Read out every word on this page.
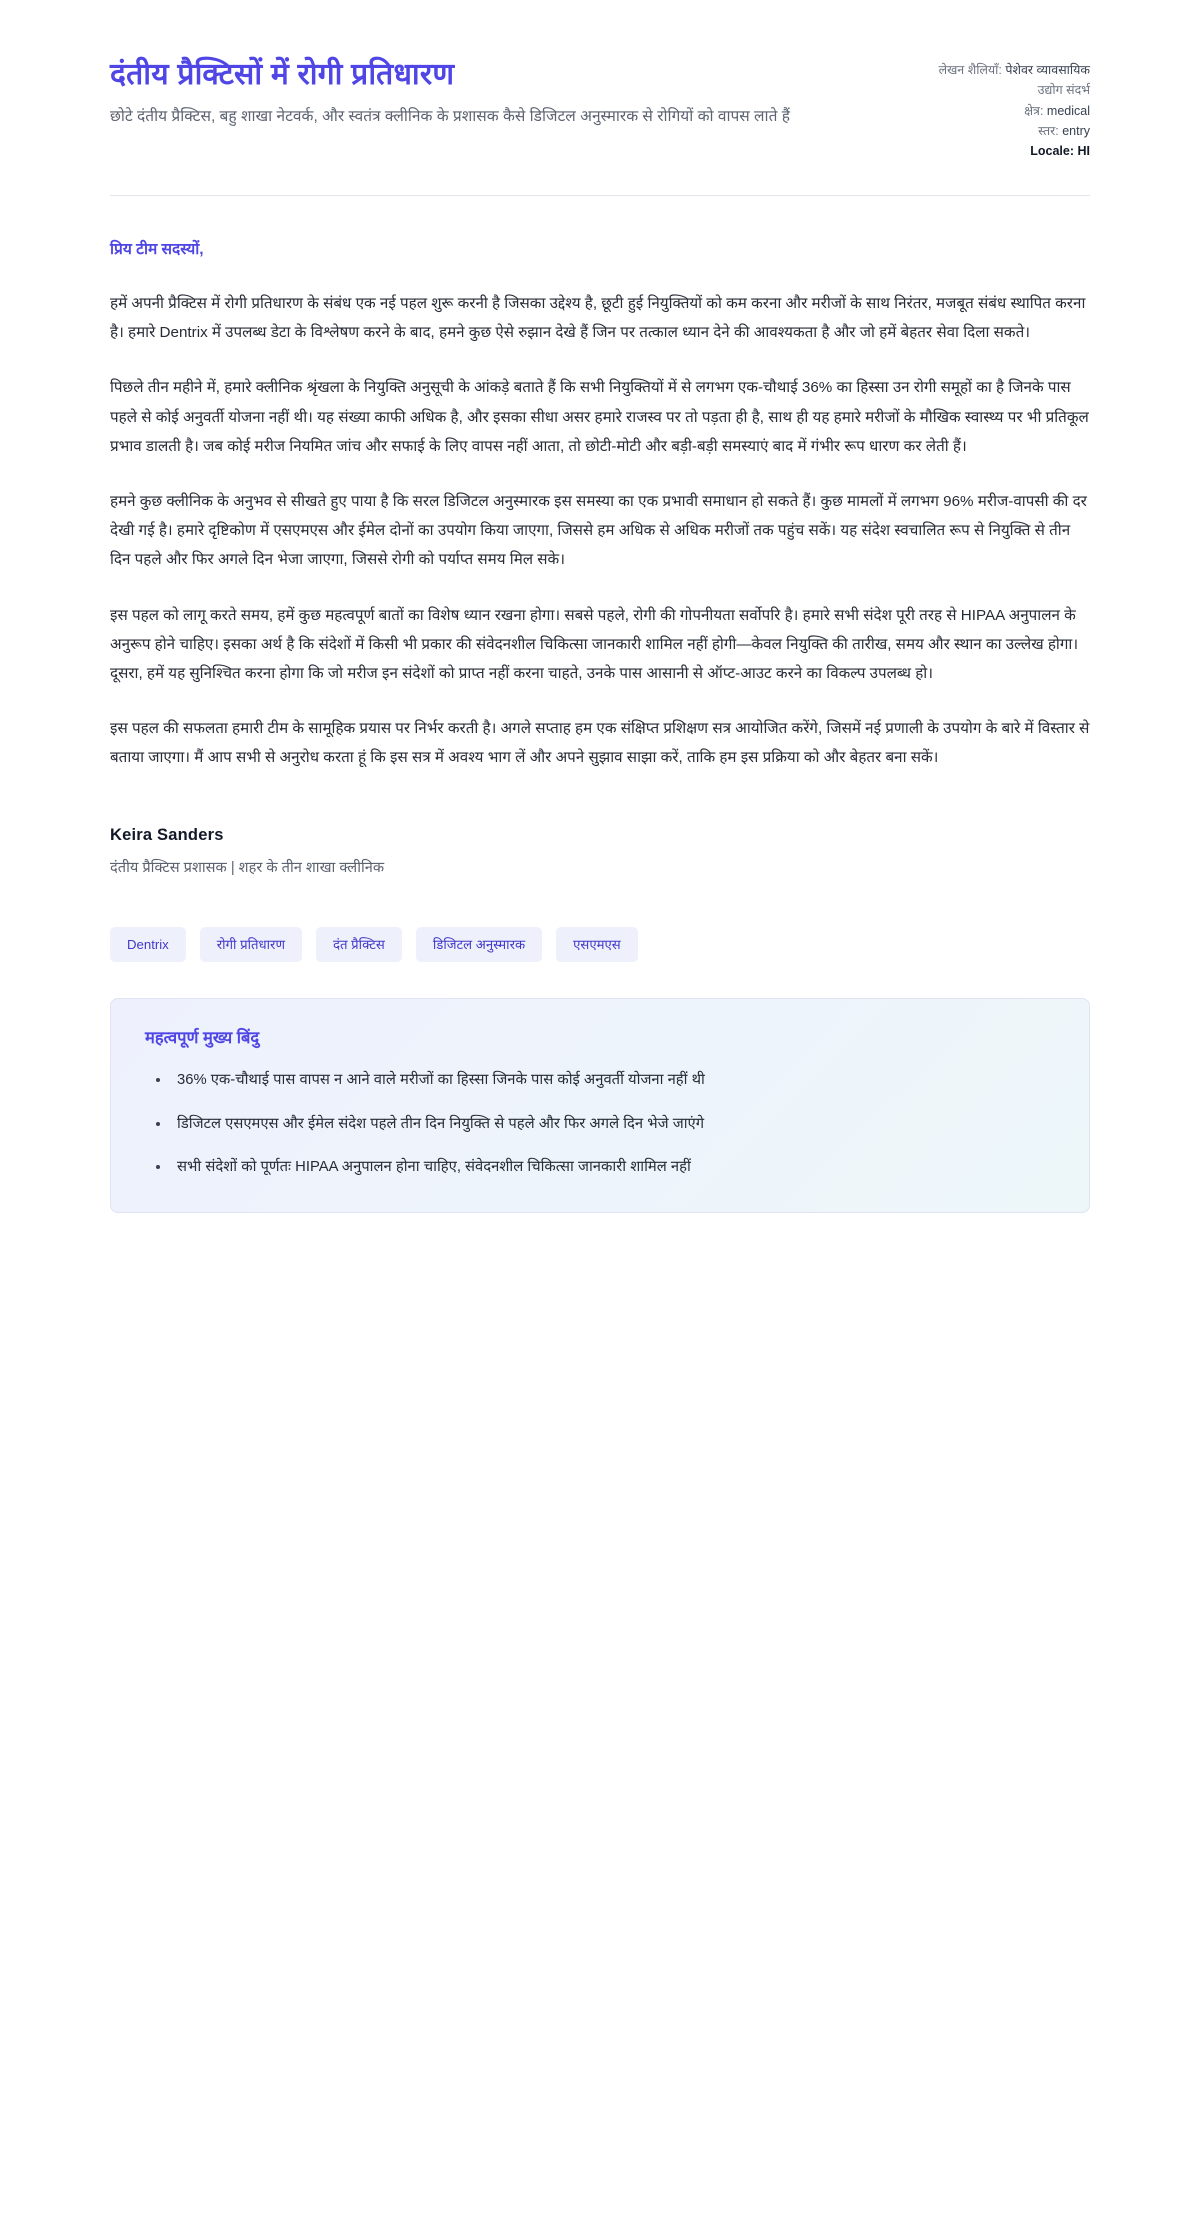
दंतीय प्रैक्टिसों में रोगी प्रतिधारण

छोटे दंतीय प्रैक्टिस, बहु शाखा नेटवर्क, और स्वतंत्र क्लीनिक के प्रशासक कैसे डिजिटल अनुस्मारक से रोगियों को वापस लाते हैं

लेखन शैलियाँ: पेशेवर व्यावसायिक
उद्योग संदर्भ
क्षेत्र: medical
स्तर: entry
Locale: HI

प्रिय टीम सदस्यों,

हमें अपनी प्रैक्टिस में रोगी प्रतिधारण के संबंध एक नई पहल शुरू करनी है जिसका उद्देश्य है, छूटी हुई नियुक्तियों को कम करना और मरीजों के साथ निरंतर, मजबूत संबंध स्थापित करना है। हमारे Dentrix में उपलब्ध डेटा के विश्लेषण करने के बाद, हमने कुछ ऐसे रुझान देखे हैं जिन पर तत्काल ध्यान देने की आवश्यकता है और जो हमें बेहतर सेवा दिला सकते।

पिछले तीन महीने में, हमारे क्लीनिक श्रृंखला के नियुक्ति अनुसूची के आंकड़े बताते हैं कि सभी नियुक्तियों में से लगभग एक-चौथाई 36% का हिस्सा उन रोगी समूहों का है जिनके पास पहले से कोई अनुवर्ती योजना नहीं थी। यह संख्या काफी अधिक है, और इसका सीधा असर हमारे राजस्व पर तो पड़ता ही है, साथ ही यह हमारे मरीजों के मौखिक स्वास्थ्य पर भी प्रतिकूल प्रभाव डालती है। जब कोई मरीज नियमित जांच और सफाई के लिए वापस नहीं आता, तो छोटी-मोटी और बड़ी-बड़ी समस्याएं बाद में गंभीर रूप धारण कर लेती हैं।

हमने कुछ क्लीनिक के अनुभव से सीखते हुए पाया है कि सरल डिजिटल अनुस्मारक इस समस्या का एक प्रभावी समाधान हो सकते हैं। कुछ मामलों में लगभग 96% मरीज-वापसी की दर देखी गई है। हमारे दृष्टिकोण में एसएमएस और ईमेल दोनों का उपयोग किया जाएगा, जिससे हम अधिक से अधिक मरीजों तक पहुंच सकें। यह संदेश स्वचालित रूप से नियुक्ति से तीन दिन पहले और फिर अगले दिन भेजा जाएगा, जिससे रोगी को पर्याप्त समय मिल सके।

इस पहल को लागू करते समय, हमें कुछ महत्वपूर्ण बातों का विशेष ध्यान रखना होगा। सबसे पहले, रोगी की गोपनीयता सर्वोपरि है। हमारे सभी संदेश पूरी तरह से HIPAA अनुपालन के अनुरूप होने चाहिए। इसका अर्थ है कि संदेशों में किसी भी प्रकार की संवेदनशील चिकित्सा जानकारी शामिल नहीं होगी—केवल नियुक्ति की तारीख, समय और स्थान का उल्लेख होगा। दूसरा, हमें यह सुनिश्चित करना होगा कि जो मरीज इन संदेशों को प्राप्त नहीं करना चाहते, उनके पास आसानी से ऑप्ट-आउट करने का विकल्प उपलब्ध हो।

इस पहल की सफलता हमारी टीम के सामूहिक प्रयास पर निर्भर करती है। अगले सप्ताह हम एक संक्षिप्त प्रशिक्षण सत्र आयोजित करेंगे, जिसमें नई प्रणाली के उपयोग के बारे में विस्तार से बताया जाएगा। मैं आप सभी से अनुरोध करता हूं कि इस सत्र में अवश्य भाग लें और अपने सुझाव साझा करें, ताकि हम इस प्रक्रिया को और बेहतर बना सकें।

Keira Sanders

दंतीय प्रैक्टिस प्रशासक | शहर के तीन शाखा क्लीनिक

Dentrix	रोगी प्रतिधारण	दंत प्रैक्टिस	डिजिटल अनुस्मारक	एसएमएस

महत्वपूर्ण मुख्य बिंदु

• 36% एक-चौथाई पास वापस न आने वाले मरीजों का हिस्सा जिनके पास कोई अनुवर्ती योजना नहीं थी
• डिजिटल एसएमएस और ईमेल संदेश पहले तीन दिन नियुक्ति से पहले और फिर अगले दिन भेजे जाएंगे
• सभी संदेशों को पूर्णतः HIPAA अनुपालन होना चाहिए, संवेदनशील चिकित्सा जानकारी शामिल नहीं
